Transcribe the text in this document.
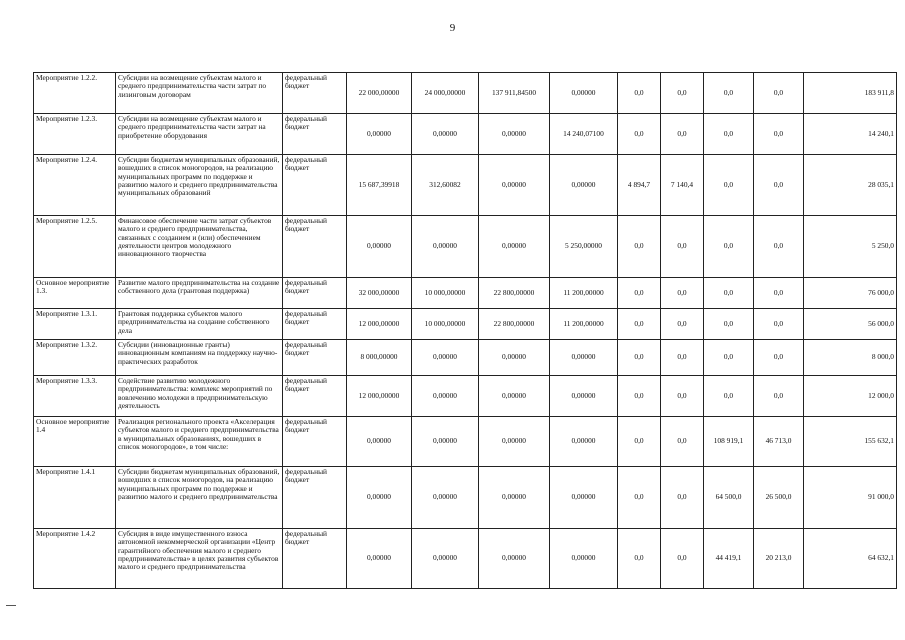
9
Мероприятие 1.2.2.	Субсидии на возмещение субъектам малого и среднего предпринимательства части затрат по лизинговым договорам	федеральный бюджет	22 000,00000	24 000,00000	137 911,84500	0,00000	0,0	0,0	0,0	0,0	183 911,8

Мероприятие 1.2.3.	Субсидии на возмещение субъектам малого и среднего предпринимательства части затрат на приобретение оборудования	федеральный бюджет	0,00000	0,00000	0,00000	14 240,07100	0,0	0,0	0,0	0,0	14 240,1

Мероприятие 1.2.4.	Субсидии бюджетам муниципальных образований, вошедших в список моногородов, на реализацию муниципальных программ по поддержке и развитию малого и среднего предпринимательства муниципальных образований	федеральный бюджет	15 687,39918	312,60082	0,00000	0,00000	4 894,7	7 140,4	0,0	0,0	28 035,1

Мероприятие 1.2.5.	Финансовое обеспечение части затрат субъектов малого и среднего предпринимательства, связанных с созданием и (или) обеспечением деятельности центров молодежного инновационного творчества	федеральный бюджет	0,00000	0,00000	0,00000	5 250,00000	0,0	0,0	0,0	0,0	5 250,0

Основное мероприятие 1.3.	Развитие малого предпринимательства на создание собственного дела (грантовая поддержка)	федеральный бюджет	32 000,00000	10 000,00000	22 800,00000	11 200,00000	0,0	0,0	0,0	0,0	76 000,0

Мероприятие 1.3.1.	Грантовая поддержка субъектов малого предпринимательства на создание собственного дела	федеральный бюджет	12 000,00000	10 000,00000	22 800,00000	11 200,00000	0,0	0,0	0,0	0,0	56 000,0

Мероприятие 1.3.2.	Субсидии (инновационные гранты) инновационным компаниям на поддержку научно-практических разработок	федеральный бюджет	8 000,00000	0,00000	0,00000	0,00000	0,0	0,0	0,0	0,0	8 000,0

Мероприятие 1.3.3.	Содействие развитию молодежного предпринимательства: комплекс мероприятий по вовлечению молодежи в предпринимательскую деятельность	федеральный бюджет	12 000,00000	0,00000	0,00000	0,00000	0,0	0,0	0,0	0,0	12 000,0

Основное мероприятие 1.4	Реализация регионального проекта «Акселерация субъектов малого и среднего предпринимательства в муниципальных образованиях, вошедших в список моногородов», в том числе:	федеральный бюджет	0,00000	0,00000	0,00000	0,00000	0,0	0,0	108 919,1	46 713,0	155 632,1

Мероприятие 1.4.1	Субсидии бюджетам муниципальных образований, вошедших в список моногородов, на реализацию муниципальных программ по поддержке и развитию малого и среднего предпринимательства	федеральный бюджет	0,00000	0,00000	0,00000	0,00000	0,0	0,0	64 500,0	26 500,0	91 000,0

Мероприятие 1.4.2	Субсидия в виде имущественного взноса автономной некоммерческой организации «Центр гарантийного обеспечения малого и среднего предпринимательства» в целях развития субъектов малого и среднего предпринимательства	федеральный бюджет	0,00000	0,00000	0,00000	0,00000	0,0	0,0	44 419,1	20 213,0	64 632,1
